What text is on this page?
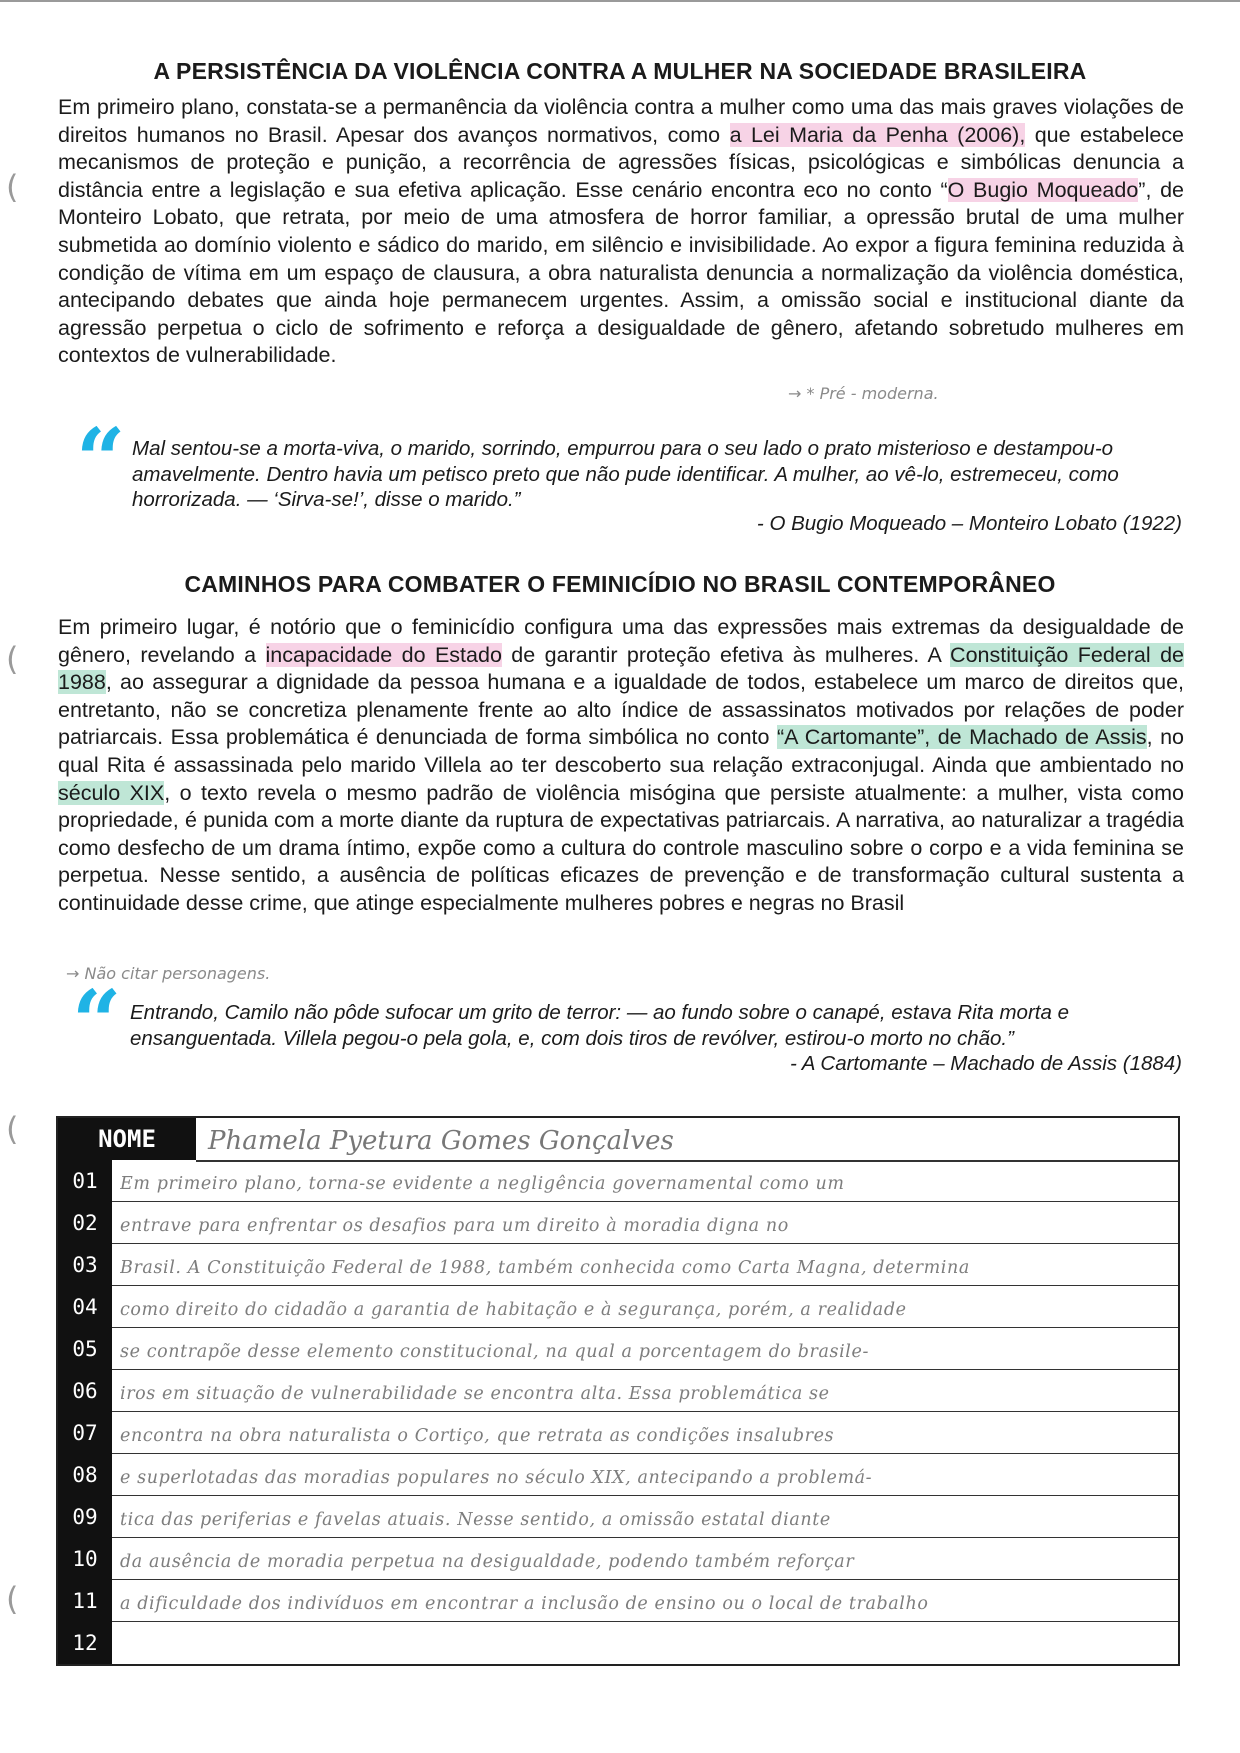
A PERSISTÊNCIA DA VIOLÊNCIA CONTRA A MULHER NA SOCIEDADE BRASILEIRA

Em primeiro plano, constata-se a permanência da violência contra a mulher como uma das mais graves violações de direitos humanos no Brasil. Apesar dos avanços normativos, como a Lei Maria da Penha (2006), que estabelece mecanismos de proteção e punição, a recorrência de agressões físicas, psicológicas e simbólicas denuncia a distância entre a legislação e sua efetiva aplicação. Esse cenário encontra eco no conto “O Bugio Moqueado”, de Monteiro Lobato, que retrata, por meio de uma atmosfera de horror familiar, a opressão brutal de uma mulher submetida ao domínio violento e sádico do marido, em silêncio e invisibilidade. Ao expor a figura feminina reduzida à condição de vítima em um espaço de clausura, a obra naturalista denuncia a normalização da violência doméstica, antecipando debates que ainda hoje permanecem urgentes. Assim, a omissão social e institucional diante da agressão perpetua o ciclo de sofrimento e reforça a desigualdade de gênero, afetando sobretudo mulheres em contextos de vulnerabilidade.

→ * Pré - moderna.
(
“ Mal sentou-se a morta-viva, o marido, sorrindo, empurrou para o seu lado o prato misterioso e destampou-o amavelmente. Dentro havia um petisco preto que não pude identificar. A mulher, ao vê-lo, estremeceu, como horrorizada. — ‘Sirva-se!’, disse o marido.”

- O Bugio Moqueado – Monteiro Lobato (1922)

CAMINHOS PARA COMBATER O FEMINICÍDIO NO BRASIL CONTEMPORÂNEO

Em primeiro lugar, é notório que o feminicídio configura uma das expressões mais extremas da desigualdade de gênero, revelando a incapacidade do Estado de garantir proteção efetiva às mulheres. A Constituição Federal de 1988, ao assegurar a dignidade da pessoa humana e a igualdade de todos, estabelece um marco de direitos que, entretanto, não se concretiza plenamente frente ao alto índice de assassinatos motivados por relações de poder patriarcais. Essa problemática é denunciada de forma simbólica no conto “A Cartomante”, de Machado de Assis, no qual Rita é assassinada pelo marido Villela ao ter descoberto sua relação extraconjugal. Ainda que ambientado no século XIX, o texto revela o mesmo padrão de violência misógina que persiste atualmente: a mulher, vista como propriedade, é punida com a morte diante da ruptura de expectativas patriarcais. A narrativa, ao naturalizar a tragédia como desfecho de um drama íntimo, expõe como a cultura do controle masculino sobre o corpo e a vida feminina se perpetua. Nesse sentido, a ausência de políticas eficazes de prevenção e de transformação cultural sustenta a continuidade desse crime, que atinge especialmente mulheres pobres e negras no Brasil

→ Não citar personagens.
(
“ Entrando, Camilo não pôde sufocar um grito de terror: — ao fundo sobre o canapé, estava Rita morta e ensanguentada. Villela pegou-o pela gola, e, com dois tiros de revólver, estirou-o morto no chão.”

- A Cartomante – Machado de Assis (1884)

(
(
NOME	Phamela Pyetura Gomes Gonçalves
01	Em primeiro plano, torna-se evidente a negligência governamental como um
02	entrave para enfrentar os desafios para um direito à moradia digna no
03	Brasil. A Constituição Federal de 1988, também conhecida como Carta Magna, determina
04	como direito do cidadão a garantia de habitação e à segurança, porém, a realidade
05	se contrapõe desse elemento constitucional, na qual a porcentagem do brasile-
06	iros em situação de vulnerabilidade se encontra alta. Essa problemática se
07	encontra na obra naturalista o Cortiço, que retrata as condições insalubres
08	e superlotadas das moradias populares no século XIX, antecipando a problemá-
09	tica das periferias e favelas atuais. Nesse sentido, a omissão estatal diante
10	da ausência de moradia perpetua na desigualdade, podendo também reforçar
11	a dificuldade dos indivíduos em encontrar a inclusão de ensino ou o local de trabalho
12
